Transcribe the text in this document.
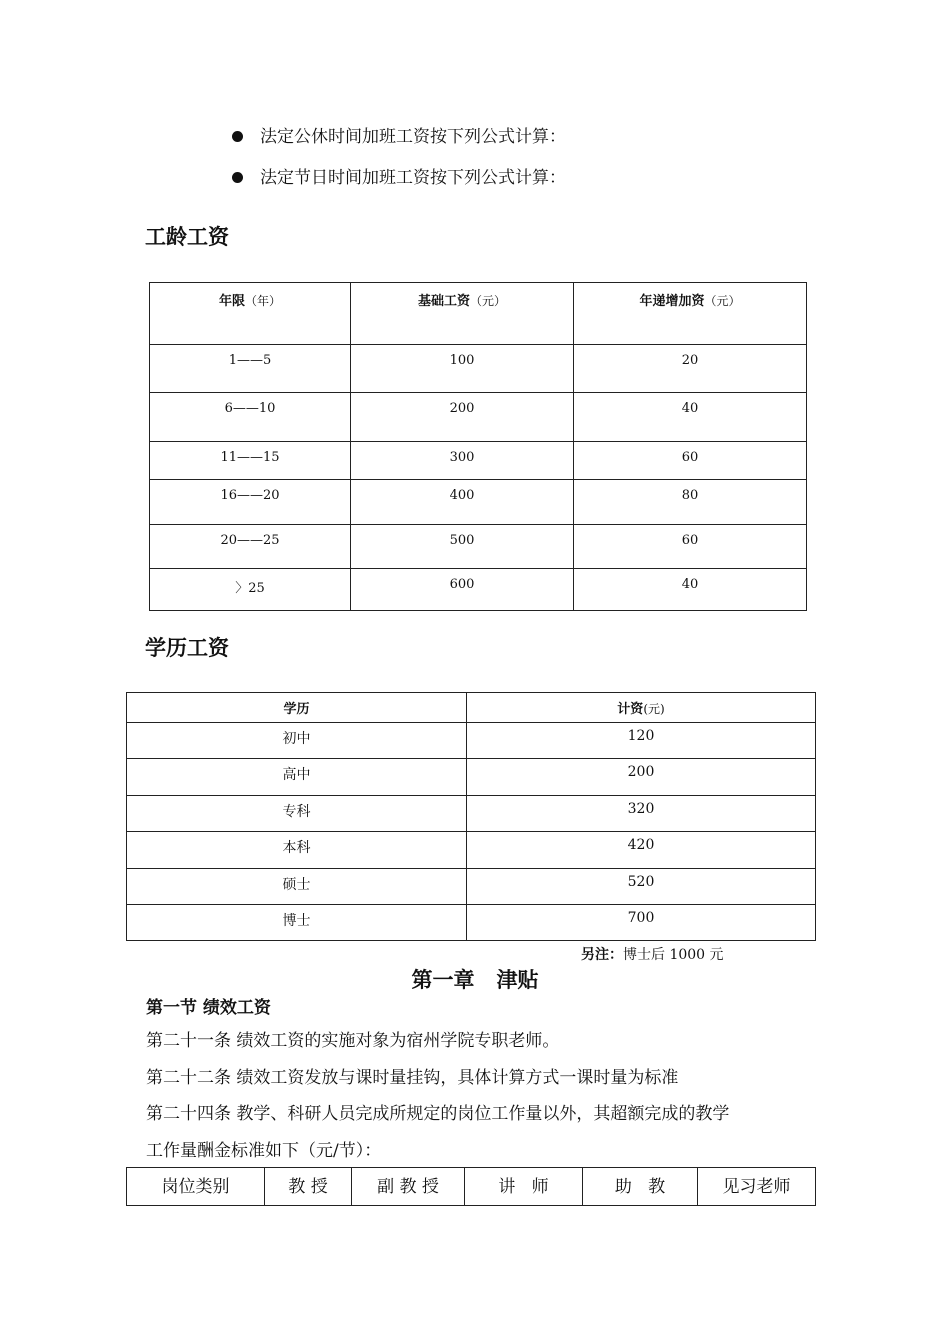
法定公休时间加班工资按下列公式计算：
法定节日时间加班工资按下列公式计算：
工龄工资
年限（年）	基础工资（元）	年递增加资（元）
1——5	100	20
6——10	200	40
11——15	300	60
16——20	400	80
20——25	500	60
〉25	600	40
学历工资
学历	计资(元)
初中	120
高中	200
专科	320
本科	420
硕士	520
博士	700
另注：博士后 1000 元
第一章   津贴
第一节 绩效工资
第二十一条 绩效工资的实施对象为宿州学院专职老师。
第二十二条 绩效工资发放与课时量挂钩，具体计算方式一课时量为标准
第二十四条 教学、科研人员完成所规定的岗位工作量以外，其超额完成的教学
工作量酬金标准如下（元/节）：
岗位类别	教 授	副 教 授	讲   师	助   教	见习老师
